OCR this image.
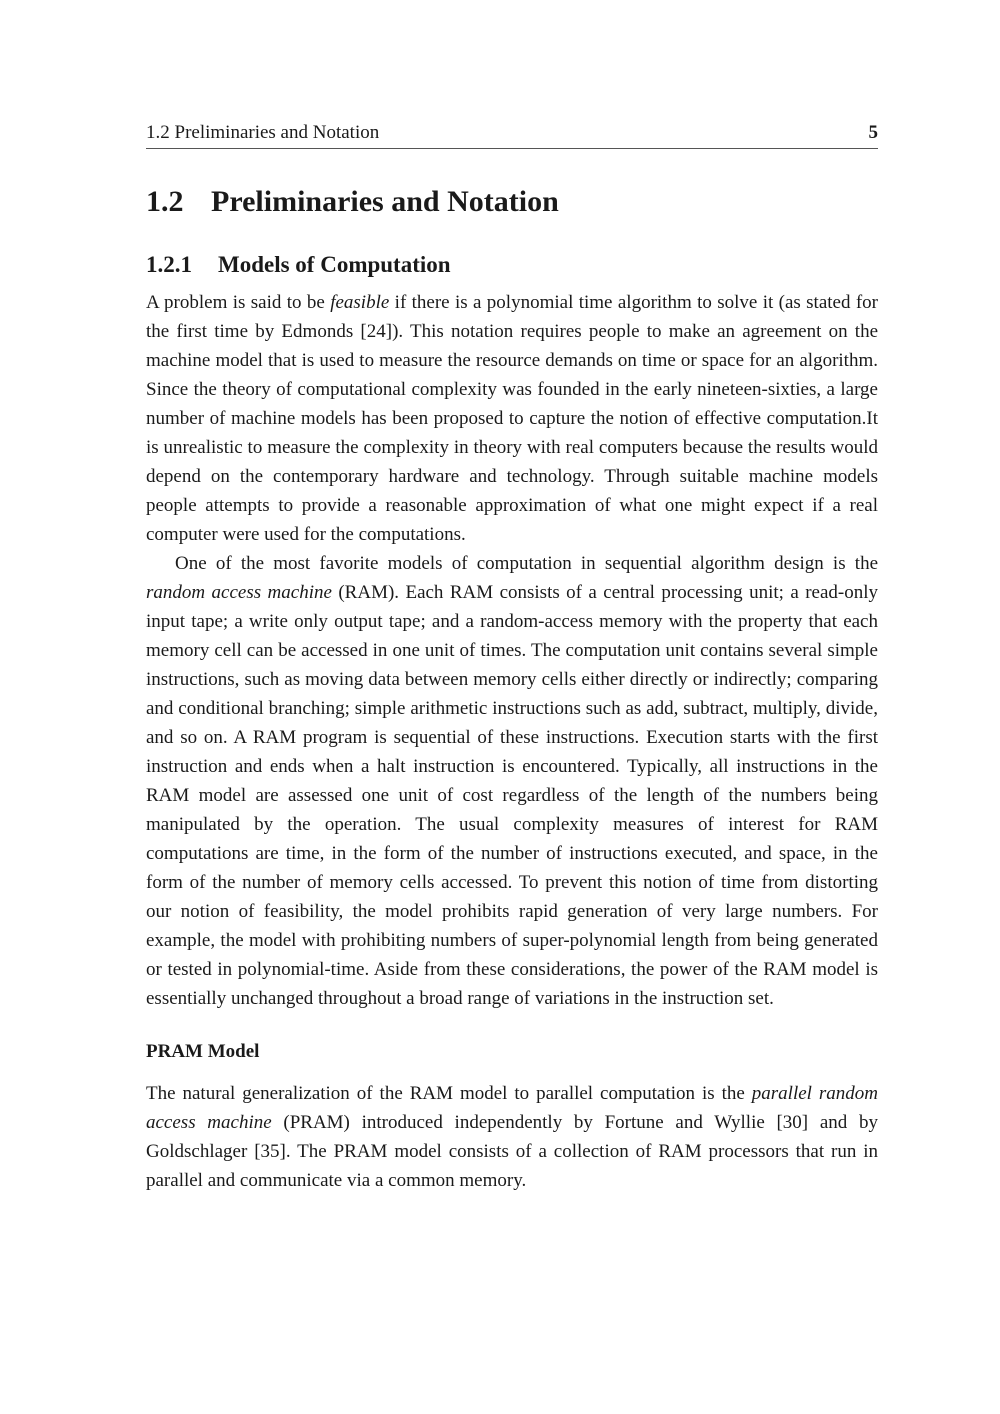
1.2 Preliminaries and Notation	5
1.2 Preliminaries and Notation
1.2.1 Models of Computation

A problem is said to be feasible if there is a polynomial time algorithm to solve it (as stated for the first time by Edmonds [24]). This notation requires people to make an agreement on the machine model that is used to measure the resource demands on time or space for an algorithm. Since the theory of computational complexity was founded in the early nineteen-sixties, a large number of machine models has been proposed to capture the notion of effective computation.It is unrealistic to measure the complexity in theory with real computers because the results would depend on the contemporary hardware and technology. Through suitable machine models people attempts to provide a reasonable approximation of what one might expect if a real computer were used for the computations.

One of the most favorite models of computation in sequential algorithm design is the random access machine (RAM). Each RAM consists of a central processing unit; a read-only input tape; a write only output tape; and a random-access memory with the property that each memory cell can be accessed in one unit of times. The computation unit contains several simple instructions, such as moving data between memory cells either directly or indirectly; comparing and conditional branching; simple arithmetic instructions such as add, subtract, multiply, divide, and so on. A RAM program is sequential of these instructions. Execution starts with the first instruction and ends when a halt instruction is encountered. Typically, all instructions in the RAM model are assessed one unit of cost regardless of the length of the numbers being manipulated by the operation. The usual complexity measures of interest for RAM computations are time, in the form of the number of instructions executed, and space, in the form of the number of memory cells accessed. To prevent this notion of time from distorting our notion of feasibility, the model prohibits rapid generation of very large numbers. For example, the model with prohibiting numbers of super-polynomial length from being generated or tested in polynomial-time. Aside from these considerations, the power of the RAM model is essentially unchanged throughout a broad range of variations in the instruction set.

PRAM Model

The natural generalization of the RAM model to parallel computation is the parallel random access machine (PRAM) introduced independently by Fortune and Wyllie [30] and by Goldschlager [35]. The PRAM model consists of a collection of RAM processors that run in parallel and communicate via a common memory.
